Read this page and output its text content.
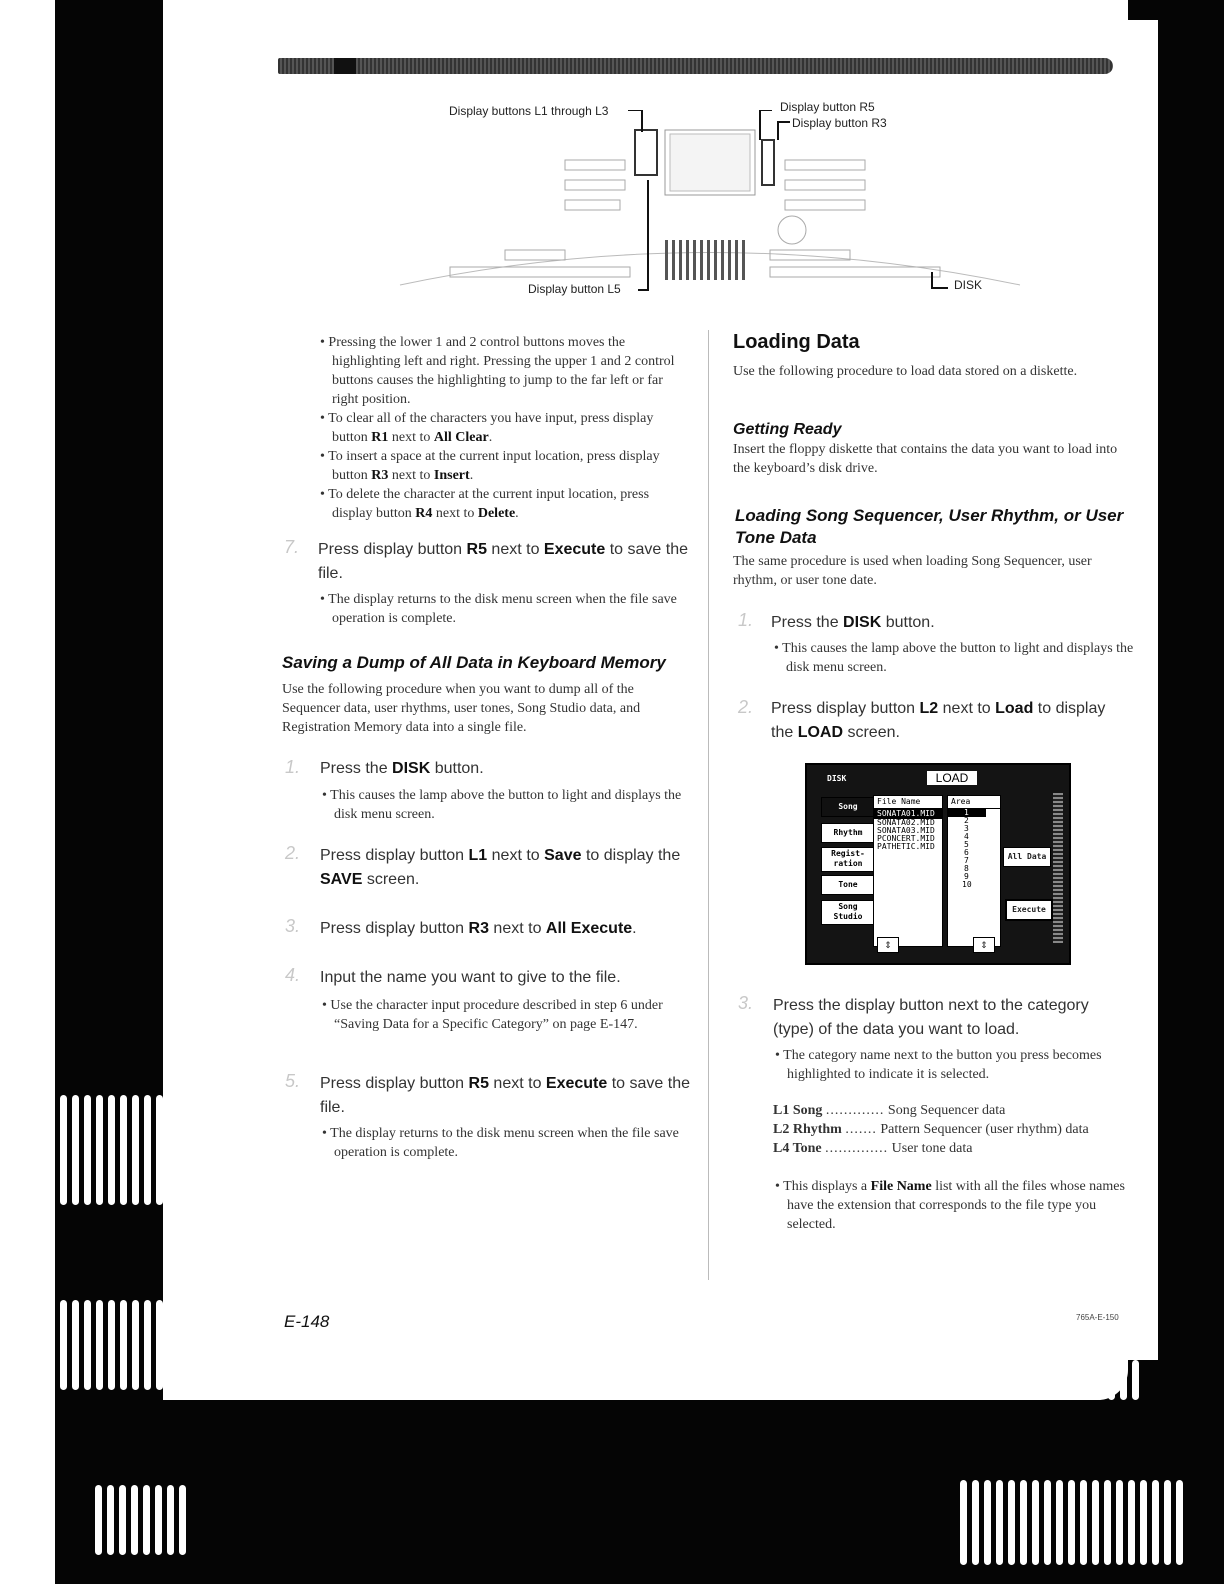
Display buttons L1 through L3	Display button R5
Display button R3
Display button L5	DISK
• Pressing the lower 1 and 2 control buttons moves the highlighting left and right. Pressing the upper 1 and 2 control buttons causes the highlighting to jump to the far left or far right position.
• To clear all of the characters you have input, press display button R1 next to All Clear.
• To insert a space at the current input location, press display button R3 next to Insert.
• To delete the character at the current input location, press display button R4 next to Delete.
7. Press display button R5 next to Execute to save the file.
• The display returns to the disk menu screen when the file save operation is complete.
Saving a Dump of All Data in Keyboard Memory
Use the following procedure when you want to dump all of the Sequencer data, user rhythms, user tones, Song Studio data, and Registration Memory data into a single file.
1. Press the DISK button.
• This causes the lamp above the button to light and displays the disk menu screen.
2. Press display button L1 next to Save to display the SAVE screen.
3. Press display button R3 next to All Execute.
4. Input the name you want to give to the file.
• Use the character input procedure described in step 6 under “Saving Data for a Specific Category” on page E-147.
5. Press display button R5 next to Execute to save the file.
• The display returns to the disk menu screen when the file save operation is complete.
Loading Data
Use the following procedure to load data stored on a diskette.
Getting Ready
Insert the floppy diskette that contains the data you want to load into the keyboard’s disk drive.
Loading Song Sequencer, User Rhythm, or User Tone Data
The same procedure is used when loading Song Sequencer, user rhythm, or user tone date.
1. Press the DISK button.
• This causes the lamp above the button to light and displays the disk menu screen.
2. Press display button L2 next to Load to display the LOAD screen.
DISK	LOAD
Song
Rhythm
Regist-ration
Tone
Song Studio
File Name
SONATA01.MID
SONATA02.MID
SONATA03.MID
PCONCERT.MID
PATHETIC.MID
Area
1
2
3
4
5
6
7
8
9
10
⇕	⇕
All Data
Execute
3. Press the display button next to the category (type) of the data you want to load.
• The category name next to the button you press becomes highlighted to indicate it is selected.
L1 Song ............. Song Sequencer data
L2 Rhythm ....... Pattern Sequencer (user rhythm) data
L4 Tone .............. User tone data
• This displays a File Name list with all the files whose names have the extension that corresponds to the file type you selected.
E-148	765A-E-150
